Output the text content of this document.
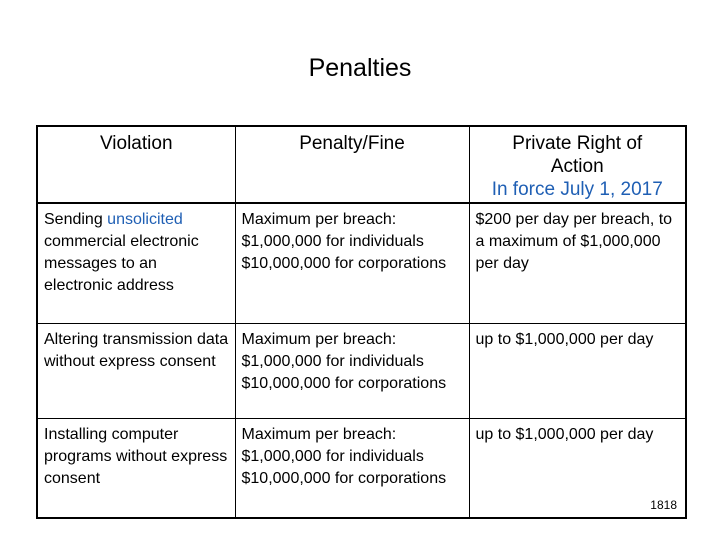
Penalties
Violation	Penalty/Fine	Private Right of
Action
In force July 1, 2017
Sending unsolicited commercial electronic messages to an electronic address	Maximum per breach: $1,000,000 for individuals $10,000,000 for corporations	$200 per day per breach, to a maximum of $1,000,000 per day
Altering transmission data without express consent	Maximum per breach: $1,000,000 for individuals $10,000,000 for corporations	up to $1,000,000 per day
Installing computer programs without express consent	Maximum per breach: $1,000,000 for individuals $10,000,000 for corporations	up to $1,000,000 per day
1818
